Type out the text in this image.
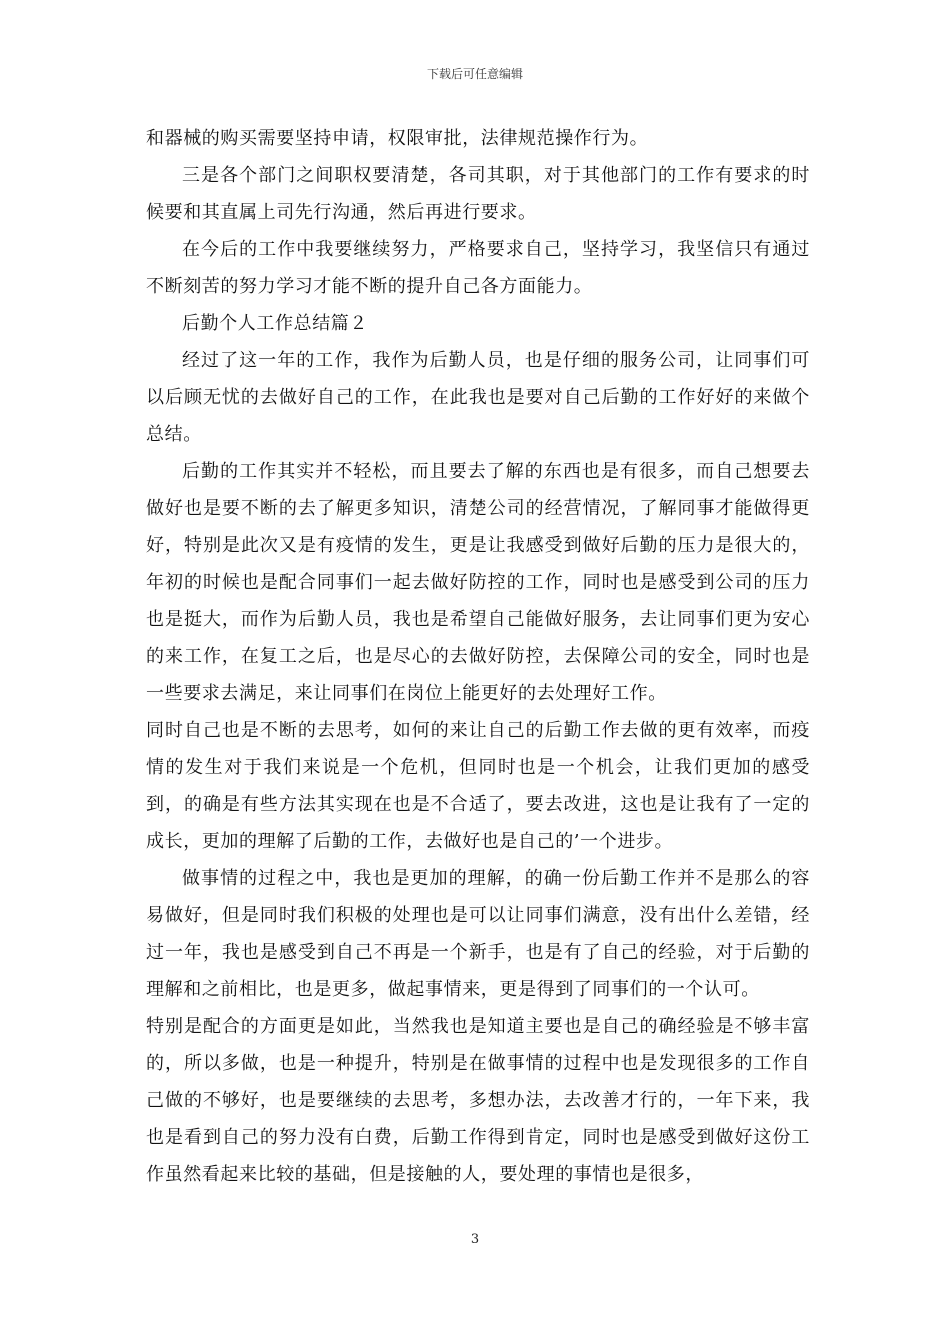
下载后可任意编辑

和器械的购买需要坚持申请，权限审批，法律规范操作行为。

三是各个部门之间职权要清楚，各司其职，对于其他部门的工作有要求的时候要和其直属上司先行沟通，然后再进行要求。

在今后的工作中我要继续努力，严格要求自己，坚持学习，我坚信只有通过不断刻苦的努力学习才能不断的提升自己各方面能力。

后勤个人工作总结篇２

经过了这一年的工作，我作为后勤人员，也是仔细的服务公司，让同事们可以后顾无忧的去做好自己的工作，在此我也是要对自己后勤的工作好好的来做个总结。

后勤的工作其实并不轻松，而且要去了解的东西也是有很多，而自己想要去做好也是要不断的去了解更多知识，清楚公司的经营情况，了解同事才能做得更好，特别是此次又是有疫情的发生，更是让我感受到做好后勤的压力是很大的，年初的时候也是配合同事们一起去做好防控的工作，同时也是感受到公司的压力也是挺大，而作为后勤人员，我也是希望自己能做好服务，去让同事们更为安心的来工作，在复工之后，也是尽心的去做好防控，去保障公司的安全，同时也是一些要求去满足，来让同事们在岗位上能更好的去处理好工作。

同时自己也是不断的去思考，如何的来让自己的后勤工作去做的更有效率，而疫情的发生对于我们来说是一个危机，但同时也是一个机会，让我们更加的感受到，的确是有些方法其实现在也是不合适了，要去改进，这也是让我有了一定的成长，更加的理解了后勤的工作，去做好也是自己的’一个进步。

做事情的过程之中，我也是更加的理解，的确一份后勤工作并不是那么的容易做好，但是同时我们积极的处理也是可以让同事们满意，没有出什么差错，经过一年，我也是感受到自己不再是一个新手，也是有了自己的经验，对于后勤的理解和之前相比，也是更多，做起事情来，更是得到了同事们的一个认可。

特别是配合的方面更是如此，当然我也是知道主要也是自己的确经验是不够丰富的，所以多做，也是一种提升，特别是在做事情的过程中也是发现很多的工作自己做的不够好，也是要继续的去思考，多想办法，去改善才行的，一年下来，我也是看到自己的努力没有白费，后勤工作得到肯定，同时也是感受到做好这份工作虽然看起来比较的基础，但是接触的人，要处理的事情也是很多，

3
